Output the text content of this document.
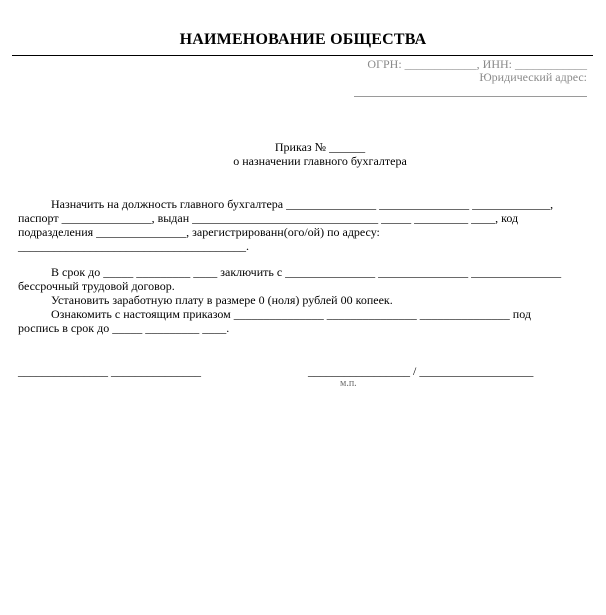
НАИМЕНОВАНИЕ ОБЩЕСТВА
ОГРН: ____________, ИНН: ____________
Юридический адрес:
Приказ № ______
о назначении главного бухгалтера
Назначить на должность главного бухгалтера _______________ _______________ _____________,
паспорт _______________, выдан _______________________________ _____ _________ ____, код
подразделения _______________, зарегистрированн(ого/ой) по адресу:
______________________________________.
В срок до _____ _________ ____ заключить с _______________ _______________ _______________
бессрочный трудовой договор.
Установить заработную плату в размере 0 (ноля) рублей 00 копеек.
Ознакомить с настоящим приказом _______________ _______________ _______________ под
роспись в срок до _____ _________ ____.
_______________ _______________	_________________ / ___________________
м.п.
